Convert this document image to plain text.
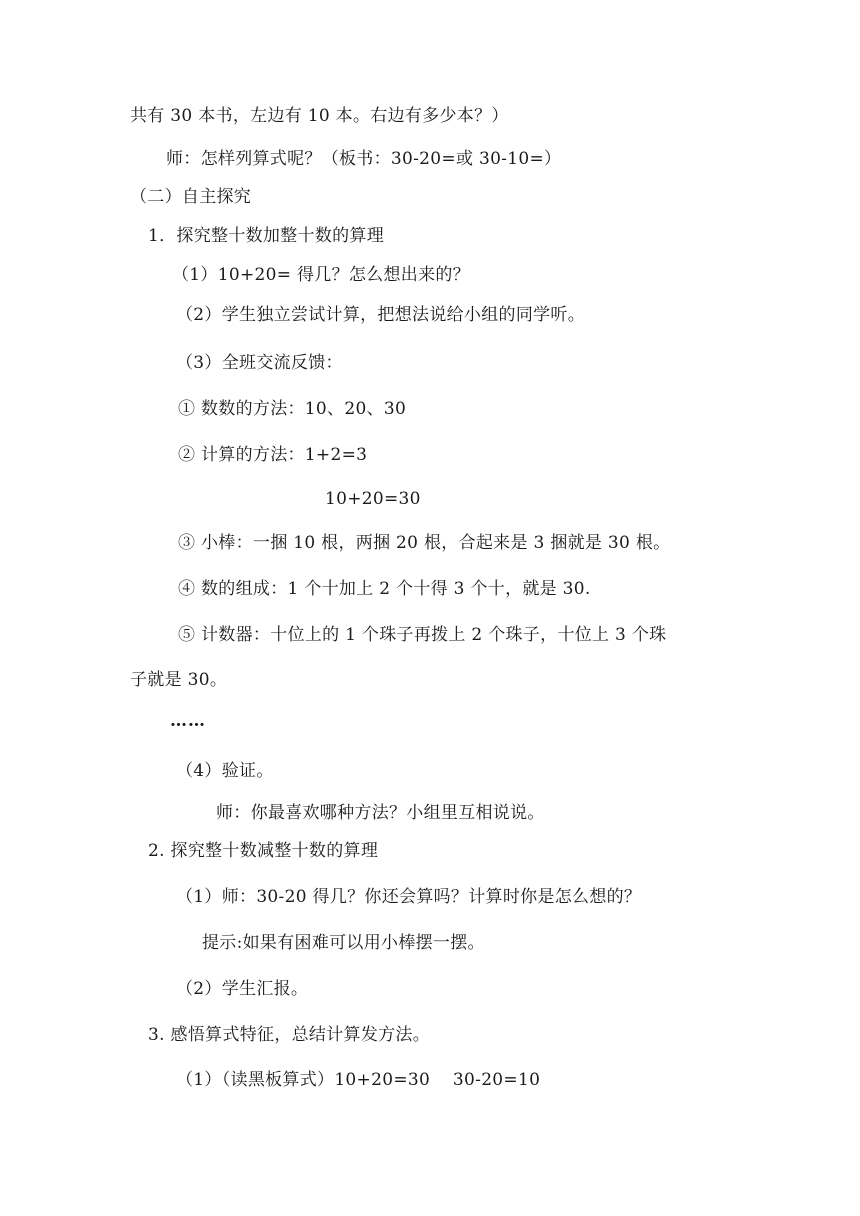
共有 30 本书，左边有 10 本。右边有多少本？）
师：怎样列算式呢？（板书：30-20=或 30-10=）
（二）自主探究
1．探究整十数加整十数的算理
（1）10+20= 得几？怎么想出来的？
（2）学生独立尝试计算，把想法说给小组的同学听。
（3）全班交流反馈：
① 数数的方法：10、20、30
② 计算的方法：1+2=3
10+20=30
③ 小棒：一捆 10 根，两捆 20 根，合起来是 3 捆就是 30 根。
④ 数的组成：1 个十加上 2 个十得 3 个十，就是 30.
⑤ 计数器：十位上的 1 个珠子再拨上 2 个珠子，十位上 3 个珠
子就是 30。
……
（4）验证。
师：你最喜欢哪种方法？小组里互相说说。
2. 探究整十数减整十数的算理
（1）师：30-20 得几？你还会算吗？计算时你是怎么想的？
提示:如果有困难可以用小棒摆一摆。
（2）学生汇报。
3. 感悟算式特征，总结计算发方法。
（1）（读黑板算式）10+20=30    30-20=10
